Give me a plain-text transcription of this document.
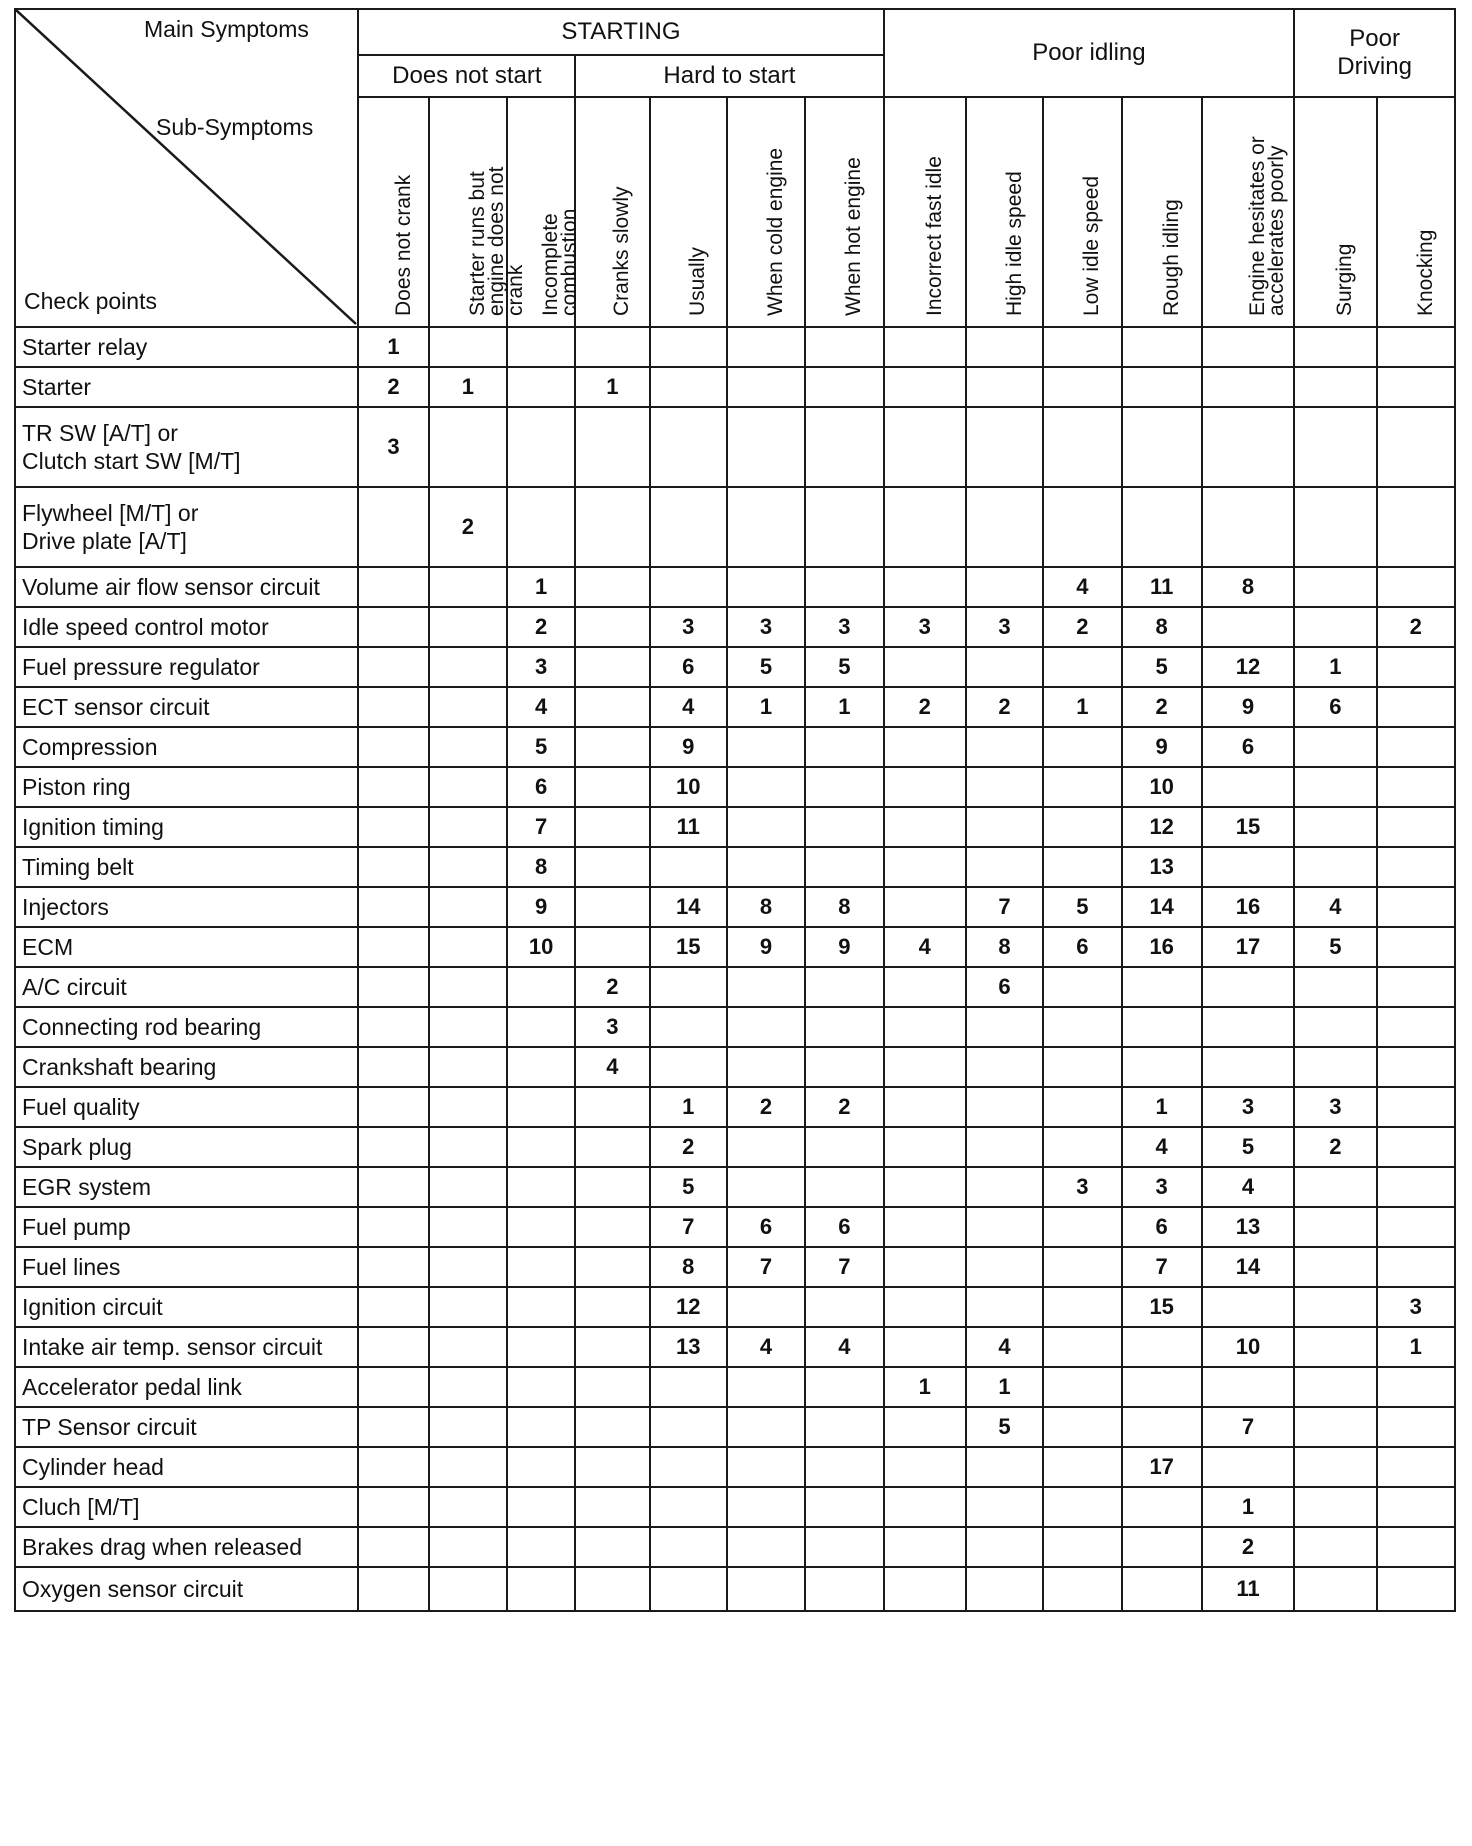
Main Symptoms
Sub-Symptoms
Check points	STARTING							Poor idling					Poor Driving	

	Does not start			Hard to start										

	Does not crank	Starter runs but engine does not crank	Incomplete combustion	Cranks slowly	Usually	When cold engine	When hot engine	Incorrect fast idle	High idle speed	Low idle speed	Rough idling	Engine hesitates or accelerates poorly	Surging	Knocking

Starter relay	1													
Starter	2	1		1										
TR SW [A/T] or
Clutch start SW [M/T]	3													
Flywheel [M/T] or
Drive plate [A/T]		2												
Volume air flow sensor circuit			1							4	11	8		
Idle speed control motor			2		3	3	3	3	3	2	8			2
Fuel pressure regulator			3		6	5	5				5	12	1	
ECT sensor circuit			4		4	1	1	2	2	1	2	9	6	
Compression			5		9						9	6		
Piston ring			6		10						10			
Ignition timing			7		11						12	15		
Timing belt			8								13			
Injectors			9		14	8	8		7	5	14	16	4	
ECM			10		15	9	9	4	8	6	16	17	5	
A/C circuit				2					6					
Connecting rod bearing				3										
Crankshaft bearing				4										
Fuel quality					1	2	2				1	3	3	
Spark plug					2						4	5	2	
EGR system					5					3	3	4		
Fuel pump					7	6	6				6	13		
Fuel lines					8	7	7				7	14		
Ignition circuit					12						15			3
Intake air temp. sensor circuit					13	4	4		4			10		1
Accelerator pedal link								1	1					
TP Sensor circuit									5			7		
Cylinder head											17			
Cluch [M/T]												1		
Brakes drag when released												2		
Oxygen sensor circuit												11		
